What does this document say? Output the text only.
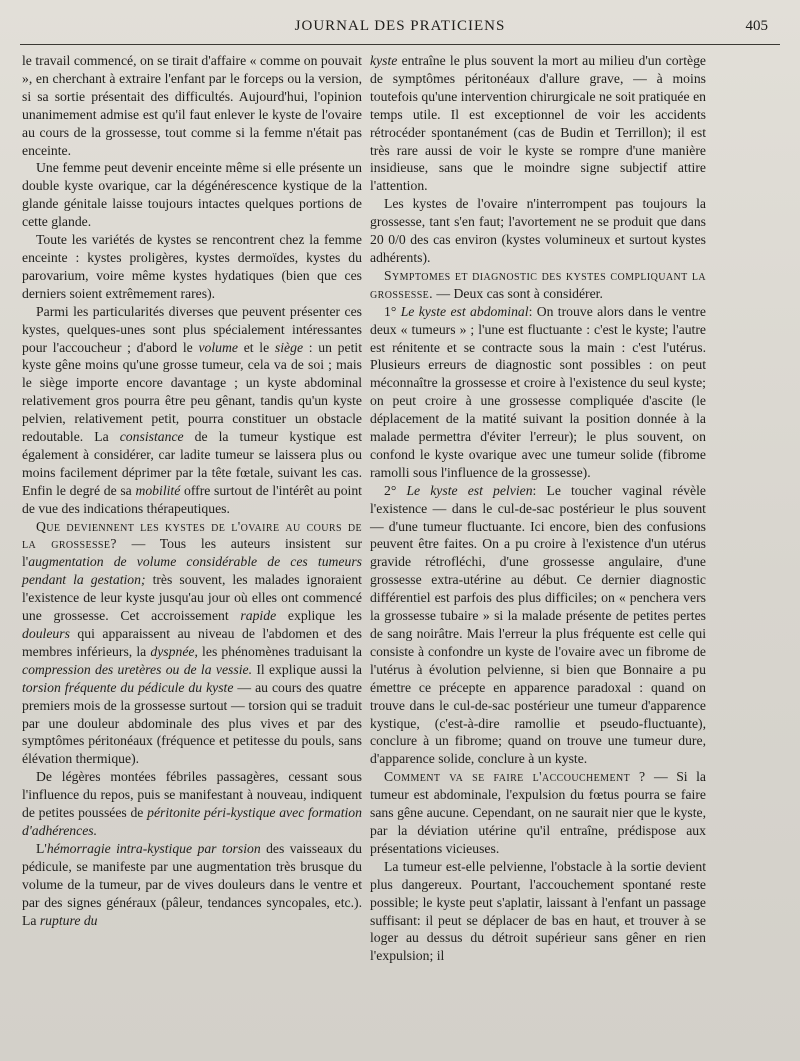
JOURNAL DES PRATICIENS	405

le travail commencé, on se tirait d'affaire « comme on pouvait », en cherchant à extraire l'enfant par le forceps ou la version, si sa sortie présentait des difficultés. Aujourd'hui, l'opinion unanimement admise est qu'il faut enlever le kyste de l'ovaire au cours de la grossesse, tout comme si la femme n'était pas enceinte.

Une femme peut devenir enceinte même si elle présente un double kyste ovarique, car la dégénérescence kystique de la glande génitale laisse toujours intactes quelques portions de cette glande.

Toute les variétés de kystes se rencontrent chez la femme enceinte : kystes proligères, kystes dermoïdes, kystes du parovarium, voire même kystes hydatiques (bien que ces derniers soient extrêmement rares).

Parmi les particularités diverses que peuvent présenter ces kystes, quelques-unes sont plus spécialement intéressantes pour l'accoucheur ; d'abord le volume et le siège : un petit kyste gêne moins qu'une grosse tumeur, cela va de soi ; mais le siège importe encore davantage ; un kyste abdominal relativement gros pourra être peu gênant, tandis qu'un kyste pelvien, relativement petit, pourra constituer un obstacle redoutable. La consistance de la tumeur kystique est également à considérer, car ladite tumeur se laissera plus ou moins facilement déprimer par la tête fœtale, suivant les cas. Enfin le degré de sa mobilité offre surtout de l'intérêt au point de vue des indications thérapeutiques.

Que deviennent les kystes de l'ovaire au cours de la grossesse? — Tous les auteurs insistent sur l'augmentation de volume considérable de ces tumeurs pendant la gestation; très souvent, les malades ignoraient l'existence de leur kyste jusqu'au jour où elles ont commencé une grossesse. Cet accroissement rapide explique les douleurs qui apparaissent au niveau de l'abdomen et des membres inférieurs, la dyspnée, les phénomènes traduisant la compression des uretères ou de la vessie. Il explique aussi la torsion fréquente du pédicule du kyste — au cours des quatre premiers mois de la grossesse surtout — torsion qui se traduit par une douleur abdominale des plus vives et par des symptômes péritonéaux (fréquence et petitesse du pouls, sans élévation thermique).

De légères montées fébriles passagères, cessant sous l'influence du repos, puis se manifestant à nouveau, indiquent de petites poussées de péritonite péri-kystique avec formation d'adhérences.

L'hémorragie intra-kystique par torsion des vaisseaux du pédicule, se manifeste par une augmentation très brusque du volume de la tumeur, par de vives douleurs dans le ventre et par des signes généraux (pâleur, tendances syncopales, etc.). La rupture du

kyste entraîne le plus souvent la mort au milieu d'un cortège de symptômes péritonéaux d'allure grave, — à moins toutefois qu'une intervention chirurgicale ne soit pratiquée en temps utile. Il est exceptionnel de voir les accidents rétrocéder spontanément (cas de Budin et Terrillon); il est très rare aussi de voir le kyste se rompre d'une manière insidieuse, sans que le moindre signe subjectif attire l'attention.

Les kystes de l'ovaire n'interrompent pas toujours la grossesse, tant s'en faut; l'avortement ne se produit que dans 20 0/0 des cas environ (kystes volumineux et surtout kystes adhérents).

Symptomes et diagnostic des kystes compliquant la grossesse. — Deux cas sont à considérer.

1° Le kyste est abdominal: On trouve alors dans le ventre deux « tumeurs » ; l'une est fluctuante : c'est le kyste; l'autre est rénitente et se contracte sous la main : c'est l'utérus. Plusieurs erreurs de diagnostic sont possibles : on peut méconnaître la grossesse et croire à l'existence du seul kyste; on peut croire à une grossesse compliquée d'ascite (le déplacement de la matité suivant la position donnée à la malade permettra d'éviter l'erreur); le plus souvent, on confond le kyste ovarique avec une tumeur solide (fibrome ramolli sous l'influence de la grossesse).

2° Le kyste est pelvien: Le toucher vaginal révèle l'existence — dans le cul-de-sac postérieur le plus souvent — d'une tumeur fluctuante. Ici encore, bien des confusions peuvent être faites. On a pu croire à l'existence d'un utérus gravide rétrofléchi, d'une grossesse angulaire, d'une grossesse extra-utérine au début. Ce dernier diagnostic différentiel est parfois des plus difficiles; on « penchera vers la grossesse tubaire » si la malade présente de petites pertes de sang noirâtre. Mais l'erreur la plus fréquente est celle qui consiste à confondre un kyste de l'ovaire avec un fibrome de l'utérus à évolution pelvienne, si bien que Bonnaire a pu émettre ce précepte en apparence paradoxal : quand on trouve dans le cul-de-sac postérieur une tumeur d'apparence kystique, (c'est-à-dire ramollie et pseudo-fluctuante), conclure à un fibrome; quand on trouve une tumeur dure, d'apparence solide, conclure à un kyste.

Comment va se faire l'accouchement ? — Si la tumeur est abdominale, l'expulsion du fœtus pourra se faire sans gêne aucune. Cependant, on ne saurait nier que le kyste, par la déviation utérine qu'il entraîne, prédispose aux présentations vicieuses.

La tumeur est-elle pelvienne, l'obstacle à la sortie devient plus dangereux. Pourtant, l'accouchement spontané reste possible; le kyste peut s'aplatir, laissant à l'enfant un passage suffisant: il peut se déplacer de bas en haut, et trouver à se loger au dessus du détroit supérieur sans gêner en rien l'expulsion; il
